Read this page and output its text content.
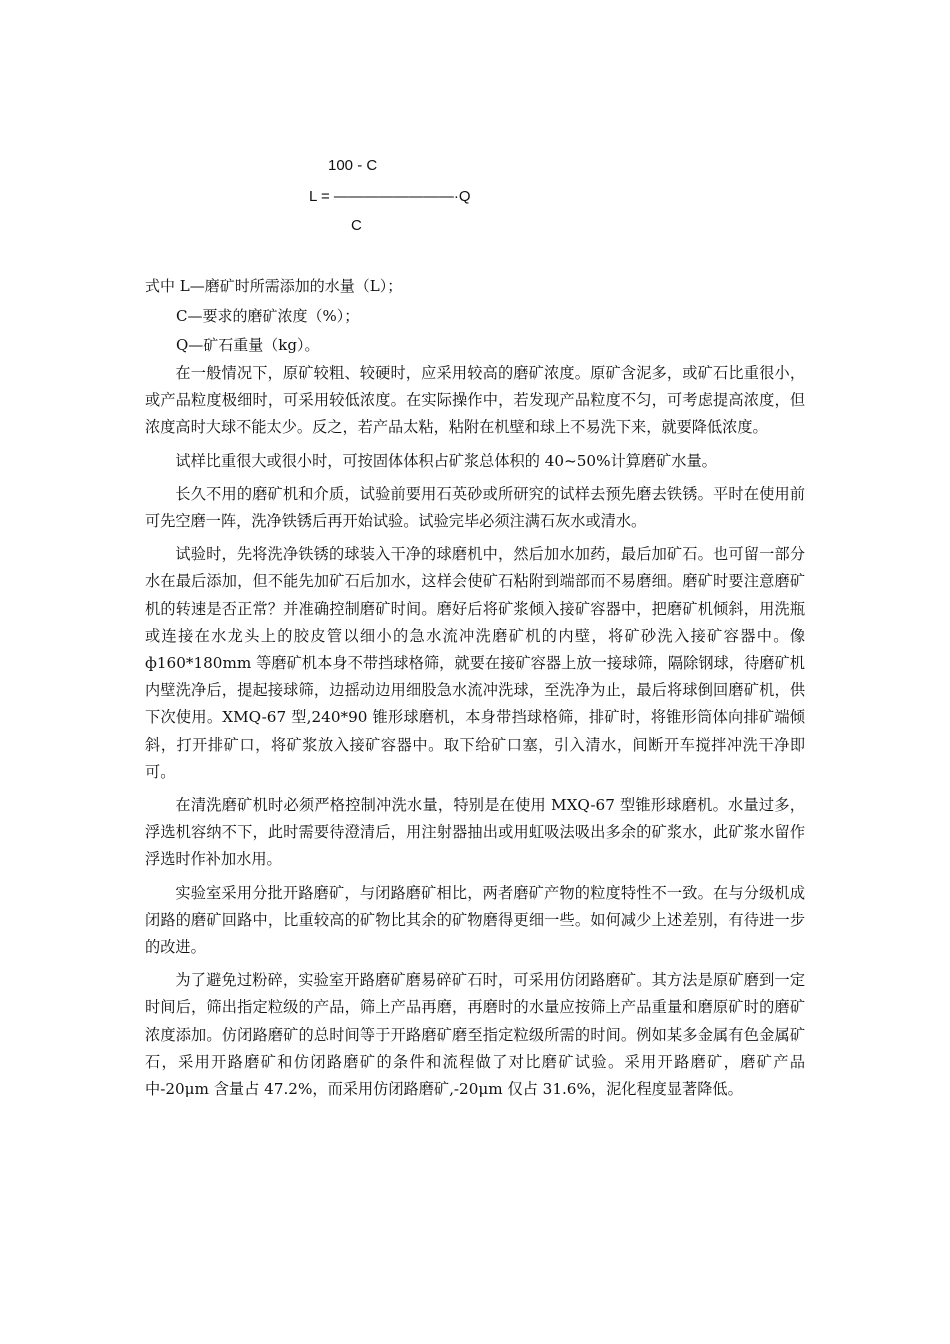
100 - C
L = ————————·Q
C
式中 L—磨矿时所需添加的水量（L）；
C—要求的磨矿浓度（%）；
Q—矿石重量（kg）。

在一般情况下，原矿较粗、较硬时，应采用较高的磨矿浓度。原矿含泥多，或矿石比重很小，或产品粒度极细时，可采用较低浓度。在实际操作中，若发现产品粒度不匀，可考虑提高浓度，但浓度高时大球不能太少。反之，若产品太粘，粘附在机壁和球上不易洗下来，就要降低浓度。

试样比重很大或很小时，可按固体体积占矿浆总体积的 40~50%计算磨矿水量。

长久不用的磨矿机和介质，试验前要用石英砂或所研究的试样去预先磨去铁锈。平时在使用前可先空磨一阵，洗净铁锈后再开始试验。试验完毕必须注满石灰水或清水。

试验时，先将洗净铁锈的球装入干净的球磨机中，然后加水加药，最后加矿石。也可留一部分水在最后添加，但不能先加矿石后加水，这样会使矿石粘附到端部而不易磨细。磨矿时要注意磨矿机的转速是否正常？并准确控制磨矿时间。磨好后将矿浆倾入接矿容器中，把磨矿机倾斜，用洗瓶或连接在水龙头上的胶皮管以细小的急水流冲洗磨矿机的内壁，将矿砂洗入接矿容器中。像 ф160*180mm 等磨矿机本身不带挡球格筛，就要在接矿容器上放一接球筛，隔除钢球，待磨矿机内壁洗净后，提起接球筛，边摇动边用细股急水流冲洗球，至洗净为止，最后将球倒回磨矿机，供下次使用。XMQ-67 型,240*90 锥形球磨机，本身带挡球格筛，排矿时，将锥形筒体向排矿端倾斜，打开排矿口，将矿浆放入接矿容器中。取下给矿口塞，引入清水，间断开车搅拌冲洗干净即可。

在清洗磨矿机时必须严格控制冲洗水量，特别是在使用 MXQ-67 型锥形球磨机。水量过多，浮选机容纳不下，此时需要待澄清后，用注射器抽出或用虹吸法吸出多余的矿浆水，此矿浆水留作浮选时作补加水用。

实验室采用分批开路磨矿，与闭路磨矿相比，两者磨矿产物的粒度特性不一致。在与分级机成闭路的磨矿回路中，比重较高的矿物比其余的矿物磨得更细一些。如何减少上述差别，有待进一步的改进。

为了避免过粉碎，实验室开路磨矿磨易碎矿石时，可采用仿闭路磨矿。其方法是原矿磨到一定时间后，筛出指定粒级的产品，筛上产品再磨，再磨时的水量应按筛上产品重量和磨原矿时的磨矿浓度添加。仿闭路磨矿的总时间等于开路磨矿磨至指定粒级所需的时间。例如某多金属有色金属矿石，采用开路磨矿和仿闭路磨矿的条件和流程做了对比磨矿试验。采用开路磨矿，磨矿产品中-20μm 含量占 47.2%，而采用仿闭路磨矿,-20μm 仅占 31.6%，泥化程度显著降低。
